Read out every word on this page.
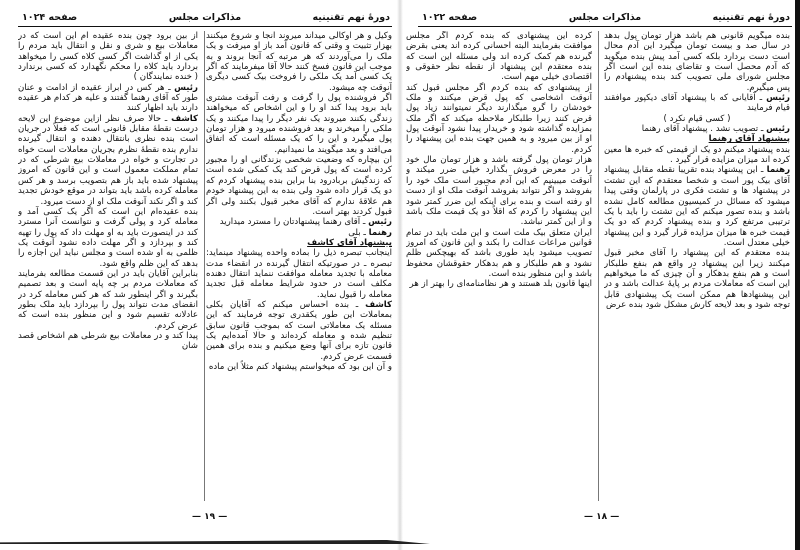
دورهٔ نهم تقنینیه
مذاکرات مجلس
صفحه ۱۰۲۴

وکیل و هر اوکالی میداند میروند آنجا و شروع میکنند بهزار تثبیت و وقتی که قانون آمد باز او میرفت و یک ملک را می‌آوردند که هر مرتبه که آنجا بروند و به موجب این قانون فسخ کنند حالا آقا میفرمایند که اگر یک کسی آمد یک ملکی را فروخت بیک کسی دیگری آنوقت چه میشود.

اگر فروشنده پول را گرفت و رفت آنوقت مشتری باید برود پیدا کند او را و این اشخاص که میخواهند زندگی بکنند میروند یک نفر دیگر را پیدا میکنند و یک ملکی را میخرند و بعد فروشنده میرود و هزار تومان پول میگیرد و این را که یک مسئله است که اتفاق می‌افتد و بعد میگویند ما نمیدانیم.

ان بیچاره که وضعیت شخصی بزندگانی او را مجبور کرده است که پول قرض کند یک کمکی شده است که زندگیش بربادرود بنا براین بنده پیشنهاد کردم که دو یک قرار داده شود ولی بنده به این پیشنهاد خودم هم علاقهٔ ندارم که آقای مخبر قبول بکنند ولی اگر قبول کردند بهتر است.

رئیس ـ آقای رهنما پیشنهادتان را مسترد میدارید

رهنما ـ بلی

پیشنهاد آقای کاشف

اینجانب تبصره ذیل را بماده واحده پیشنهاد مینماید: تبصره ـ در صورتیکه انتقال گیرنده در انقضاء مدت معامله با تجدید معامله موافقت ننماید انتقال دهنده مکلف است در حدود شرایط معامله قبل تجدید معامله را قبول نماید.

کاشف ـ بنده احساس میکنم که آقایان بکلی بمعاملات این طور یکقدری توجه فرمایند که این مسئله یک معاملاتی است که بموجب قانون سابق تنظیم شده و معامله کرده‌اند و حالا آمده‌ایم یک قانون تازه برای آنها وضع میکنیم و بنده برای همین قسمت عرض کردم.

و آن این بود که میخواستم پیشنهاد کنم مثلاً این ماده

از بین برود چون بنده عقیده ام این است که در معاملات بیع و شری و نقل و انتقال باید مردم را یکی از او گذاشت اگر کسی کلاه کسی را میخواهد بردارد باید کلاه را محکم نگهدارد که کسی برندارد ( خنده نمایندگان )

رئیس ـ هر کس در ابراز عقیده از ادامت و عنان طور که آقای رهنما گفتند و علیه هر کدام هر عقیده دارند باید اظهار کنند

کاشف ـ حالا صرف نظر ازاین موضوع این لایحه درست نقطهٔ مقابل قانونی است که فعلاً در جریان است بنده نظری بانتقال دهنده و انتقال گیرنده ندارم بنده نقطهٔ نظرم بجریان معاملات است خواه در تجارت و خواه در معاملات بیع شرطی که در تمام مملکت معمول است و این قانون که امروز پیشنهاد شده باید باز هم بتصویب برسد و هر کس معامله کرده باشد باید بتواند در موقع خودش تجدید کند و اگر نکند آنوقت ملک او از دست میرود.

بنده عقیده‌ام این است که اگر یک کسی آمد و معامله کرد و پولی گرفت و نتوانست آنرا مسترد کند در اینصورت باید به او مهلت داد که پول را تهیه کند و بپردازد و اگر مهلت داده نشود آنوقت یک ظلمی به او شده است و مجلس نباید این اجازه را بدهد که این ظلم واقع شود.

بنابراین آقایان باید در این قسمت مطالعه بفرمایند که معاملات مردم بر چه پایه است و بعد تصمیم بگیرند و اگر اینطور شد که هر کس معامله کرد در انقضای مدت نتواند پول را بپردازد باید ملک بطور عادلانه تقسیم شود و این منظور بنده است که عرض کردم.

پیدا کند و در معاملات بیع شرطی هم اشخاص قصد شان

— ۱۹ —
دورهٔ نهم تقنینیه
مذاکرات مجلس
صفحه ۱۰۲۲

بنده میگویم قانونی هم باشد هزار تومان پول بدهد در سال صد و بیست تومان میگیرد این آدم محال است دست بردارد بلکه کسی آمد پیش بنده میگوید که آدم محصل است و تقاضای بنده این است اگر مجلس شورای ملی تصویب کند بنده پیشنهادم را پس میگیرم.

رئیس ـ آقایانی که با پیشنهاد آقای دیکپور موافقند قیام فرمایند

( کسی قیام نکرد )

رئیس ـ تصویب نشد . پیشنهاد آقای رهنما

پیشنهاد آقای رهنما

بنده پیشنهاد میکنم دو یک از قیمتی که خبره ها معین کرده اند میزان مزایده قرار گیرد .

رهنما ـ این پیشنهاد بنده تقریبا نقطه مقابل پیشنهاد آقای بیک پور است و شخصا معتقدم که این تشتت در پیشنهاد ها و تشتت فکری در پارلمان وقتی پیدا میشود که مسائل در کمیسیون مطالعه کامل نشده باشد و بنده تصور میکنم که این تشتت را باید با یک ترتیبی مرتفع کرد و بنده پیشنهاد کردم که دو یک قیمت خبره ها میزان مزایده قرار گیرد و این پیشنهاد خیلی معتدل است.

بنده معتقدم که این پیشنهاد را آقای مخبر قبول میکنند زیرا این پیشنهاد در واقع هم بنفع طلبکار است و هم بنفع بدهکار و آن چیزی که ما میخواهیم این است که معاملات مردم بر پایهٔ عدالت باشد و در این پیشنهادها هم ممکن است یک پیشنهادی قابل توجه شود و بعد لایحه کارش مشکل شود بنده عرض

کرده این پیشنهادی که بنده کردم اگر مجلس موافقت بفرمایند البته احسانی کرده اند یعنی بقرض گیرنده هم کمک کرده اند ولی مسئله این است که بنده معتقدم این پیشنهاد از نقطه نظر حقوقی و اقتصادی خیلی مهم است.

از پیشنهادی که بنده کردم اگر مجلس قبول کند آنوقت اشخاصی که پول قرض میکنند و ملک خودشان را گرو میگذارند دیگر نمیتوانند زیاد پول قرض کنند زیرا طلبکار ملاحظه میکند که اگر ملک بمزایده گذاشته شود و خریدار پیدا نشود آنوقت پول او از بین میرود و به همین جهت بنده این پیشنهاد را کردم.

هزار تومان پول گرفته باشد و هزار تومان مال خود را در معرض فروش بگذارد خیلی ضرر میکند و آنوقت میبینیم که این آدم مجبور است ملک خود را بفروشد و اگر نتواند بفروشد آنوقت ملک او از دست او رفته است و بنده برای اینکه این ضرر کمتر شود این پیشنهاد را کردم که اقلاً دو یک قیمت ملک باشد و از این کمتر نباشد.

ایران متعلق بیک ملت است و این ملت باید در تمام قوانین مراعات عدالت را بکند و این قانون که امروز تصویب میشود باید طوری باشد که بهیچکس ظلم نشود و هم طلبکار و هم بدهکار حقوقشان محفوظ باشد و این منظور بنده است.

اینها قانون بلد هستند و هر نظامنامه‌ای را بهتر از هر

— ۱۸ —
